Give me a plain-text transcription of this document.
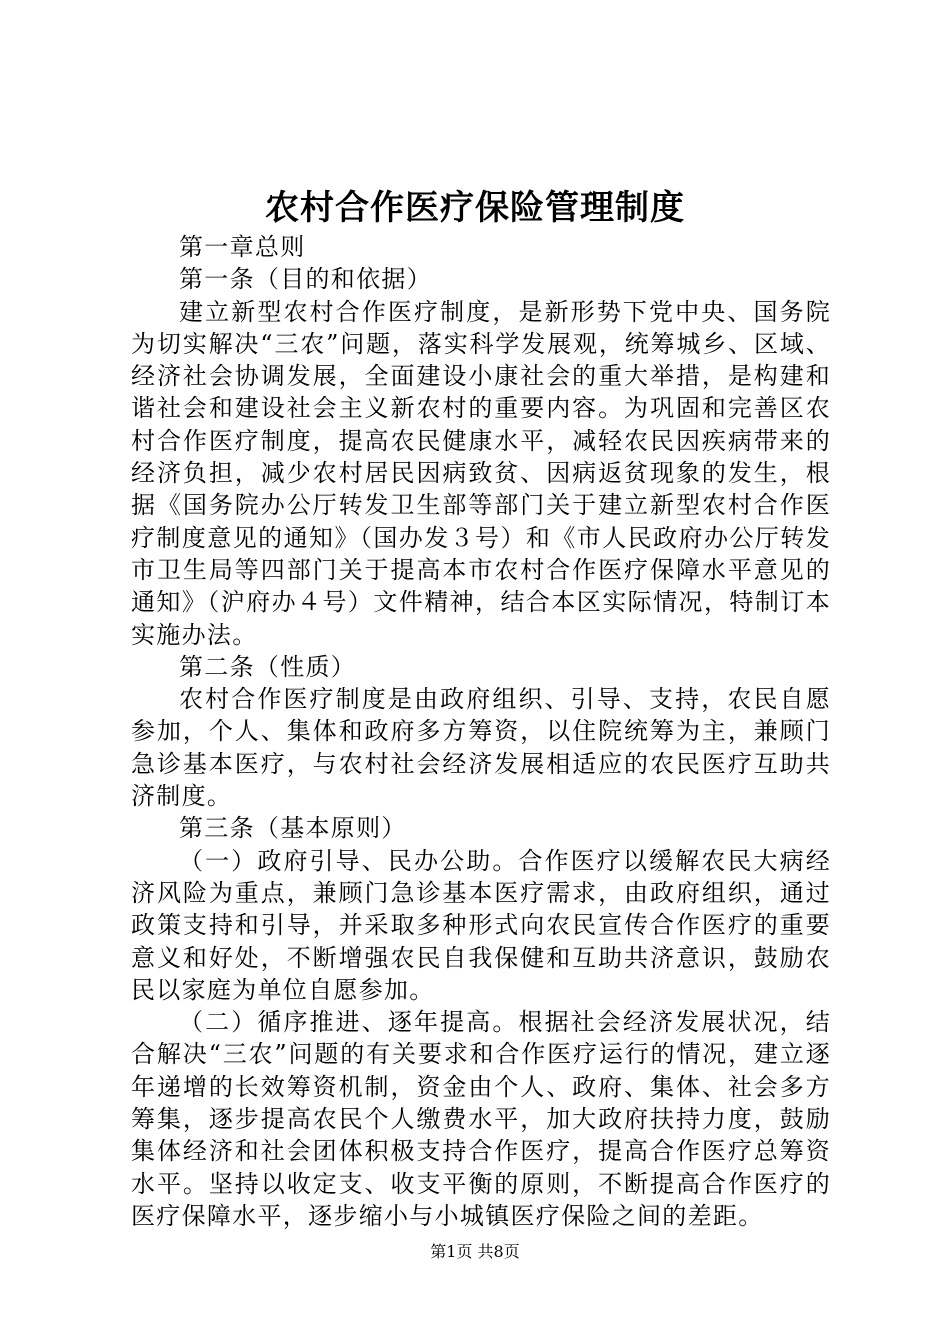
农村合作医疗保险管理制度

第一章总则

第一条（目的和依据）

建立新型农村合作医疗制度，是新形势下党中央、国务院为切实解决“三农”问题，落实科学发展观，统筹城乡、区域、经济社会协调发展，全面建设小康社会的重大举措，是构建和谐社会和建设社会主义新农村的重要内容。为巩固和完善区农村合作医疗制度，提高农民健康水平，减轻农民因疾病带来的经济负担，减少农村居民因病致贫、因病返贫现象的发生，根据《国务院办公厅转发卫生部等部门关于建立新型农村合作医疗制度意见的通知》（国办发３号）和《市人民政府办公厅转发市卫生局等四部门关于提高本市农村合作医疗保障水平意见的通知》（沪府办４号）文件精神，结合本区实际情况，特制订本实施办法。

第二条（性质）

农村合作医疗制度是由政府组织、引导、支持，农民自愿参加，个人、集体和政府多方筹资，以住院统筹为主，兼顾门急诊基本医疗，与农村社会经济发展相适应的农民医疗互助共济制度。

第三条（基本原则）

（一）政府引导、民办公助。合作医疗以缓解农民大病经济风险为重点，兼顾门急诊基本医疗需求，由政府组织，通过政策支持和引导，并采取多种形式向农民宣传合作医疗的重要意义和好处，不断增强农民自我保健和互助共济意识，鼓励农民以家庭为单位自愿参加。

（二）循序推进、逐年提高。根据社会经济发展状况，结合解决“三农”问题的有关要求和合作医疗运行的情况，建立逐年递增的长效筹资机制，资金由个人、政府、集体、社会多方筹集，逐步提高农民个人缴费水平，加大政府扶持力度，鼓励集体经济和社会团体积极支持合作医疗，提高合作医疗总筹资水平。坚持以收定支、收支平衡的原则，不断提高合作医疗的医疗保障水平，逐步缩小与小城镇医疗保险之间的差距。

第1页 共8页
